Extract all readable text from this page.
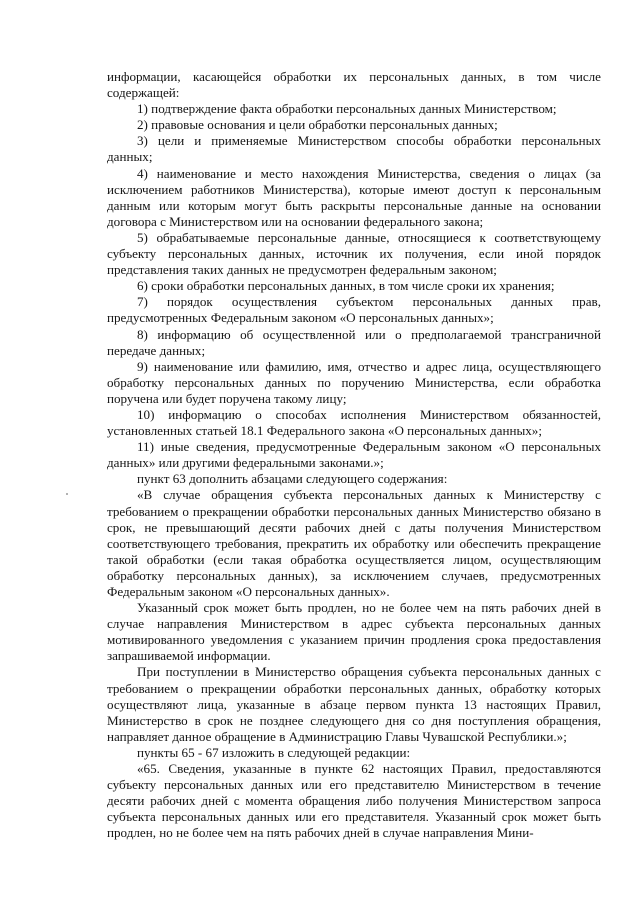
информации, касающейся обработки их персональных данных, в том числе содержащей:

1) подтверждение факта обработки персональных данных Министерством;

2) правовые основания и цели обработки персональных данных;

3) цели и применяемые Министерством способы обработки персональных данных;

4) наименование и место нахождения Министерства, сведения о лицах (за исключением работников Министерства), которые имеют доступ к персональным данным или которым могут быть раскрыты персональные данные на основании договора с Министерством или на основании федерального закона;

5) обрабатываемые персональные данные, относящиеся к соответствующему субъекту персональных данных, источник их получения, если иной порядок представления таких данных не предусмотрен федеральным законом;

6) сроки обработки персональных данных, в том числе сроки их хранения;

7) порядок осуществления субъектом персональных данных прав, предусмотренных Федеральным законом «О персональных данных»;

8) информацию об осуществленной или о предполагаемой трансграничной передаче данных;

9) наименование или фамилию, имя, отчество и адрес лица, осуществляющего обработку персональных данных по поручению Министерства, если обработка поручена или будет поручена такому лицу;

10) информацию о способах исполнения Министерством обязанностей, установленных статьей 18.1 Федерального закона «О персональных данных»;

11) иные сведения, предусмотренные Федеральным законом «О персональных данных» или другими федеральными законами.»;

пункт 63 дополнить абзацами следующего содержания:

«В случае обращения субъекта персональных данных к Министерству с требованием о прекращении обработки персональных данных Министерство обязано в срок, не превышающий десяти рабочих дней с даты получения Министерством соответствующего требования, прекратить их обработку или обеспечить прекращение такой обработки (если такая обработка осуществляется лицом, осуществляющим обработку персональных данных), за исключением случаев, предусмотренных Федеральным законом «О персональных данных».

Указанный срок может быть продлен, но не более чем на пять рабочих дней в случае направления Министерством в адрес субъекта персональных данных мотивированного уведомления с указанием причин продления срока предоставления запрашиваемой информации.

При поступлении в Министерство обращения субъекта персональных данных с требованием о прекращении обработки персональных данных, обработку которых осуществляют лица, указанные в абзаце первом пункта 13 настоящих Правил, Министерство в срок не позднее следующего дня со дня поступления обращения, направляет данное обращение в Администрацию Главы Чувашской Республики.»;

пункты 65 - 67 изложить в следующей редакции:

«65. Сведения, указанные в пункте 62 настоящих Правил, предоставляются субъекту персональных данных или его представителю Министерством в течение десяти рабочих дней с момента обращения либо получения Министерством запроса субъекта персональных данных или его представителя. Указанный срок может быть продлен, но не более чем на пять рабочих дней в случае направления Мини-
